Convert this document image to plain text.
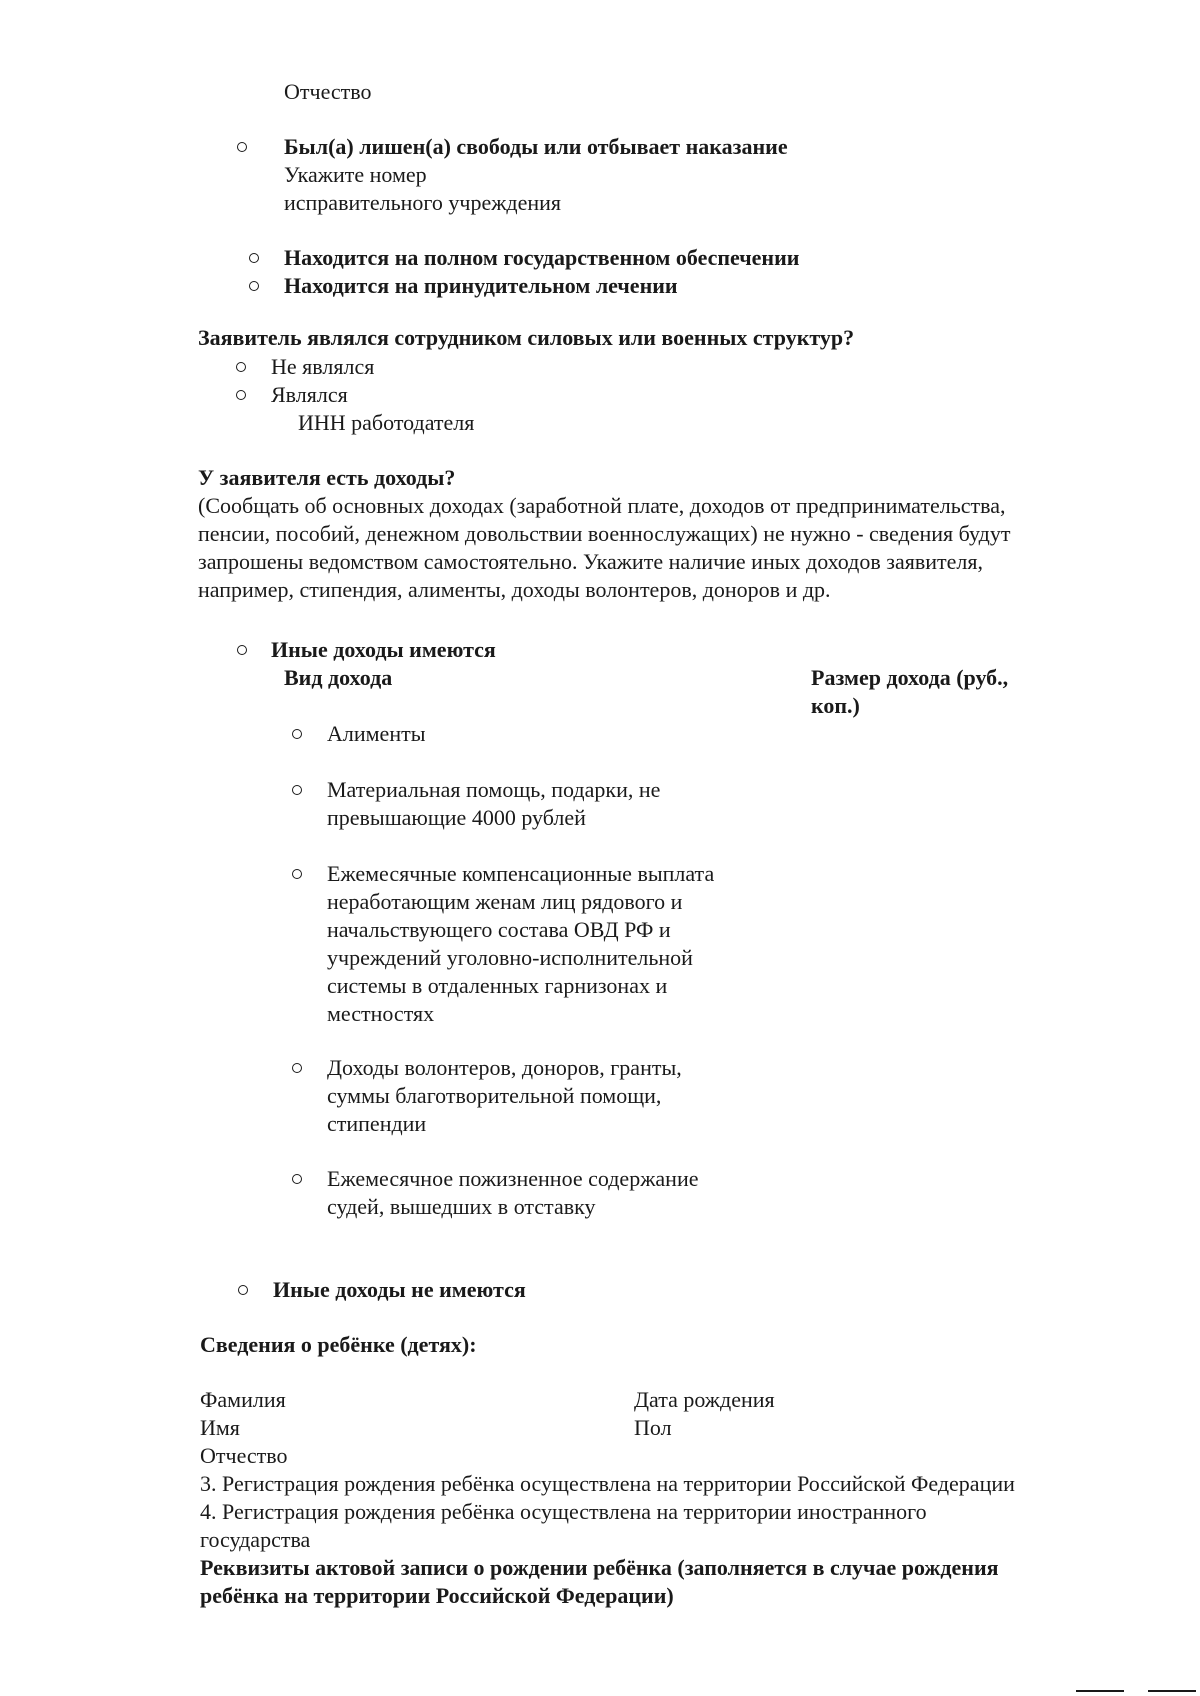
Отчество
Был(а) лишен(а) свободы или отбывает наказание
Укажите номер
исправительного учреждения
Находится на полном государственном обеспечении
Находится на принудительном лечении
Заявитель являлся сотрудником силовых или военных структур?
Не являлся
Являлся
ИНН работодателя
У заявителя есть доходы?
(Сообщать об основных доходах (заработной плате, доходов от предпринимательства,
пенсии, пособий, денежном довольствии военнослужащих) не нужно - сведения будут
запрошены ведомством самостоятельно. Укажите наличие иных доходов заявителя,
например, стипендия, алименты, доходы волонтеров, доноров и др.
Иные доходы имеются
Вид дохода	Размер дохода (руб.,
коп.)
Алименты
Материальная помощь, подарки, не
превышающие 4000 рублей
Ежемесячные компенсационные выплата
неработающим женам лиц рядового и
начальствующего состава ОВД РФ и
учреждений уголовно-исполнительной
системы в отдаленных гарнизонах и
местностях
Доходы волонтеров, доноров, гранты,
суммы благотворительной помощи,
стипендии
Ежемесячное пожизненное содержание
судей, вышедших в отставку
Иные доходы не имеются
Сведения о ребёнке (детях):
Фамилия	Дата рождения
Имя	Пол
Отчество
3. Регистрация рождения ребёнка осуществлена на территории Российской Федерации
4. Регистрация рождения ребёнка осуществлена на территории иностранного
государства
Реквизиты актовой записи о рождении ребёнка (заполняется в случае рождения
ребёнка на территории Российской Федерации)
